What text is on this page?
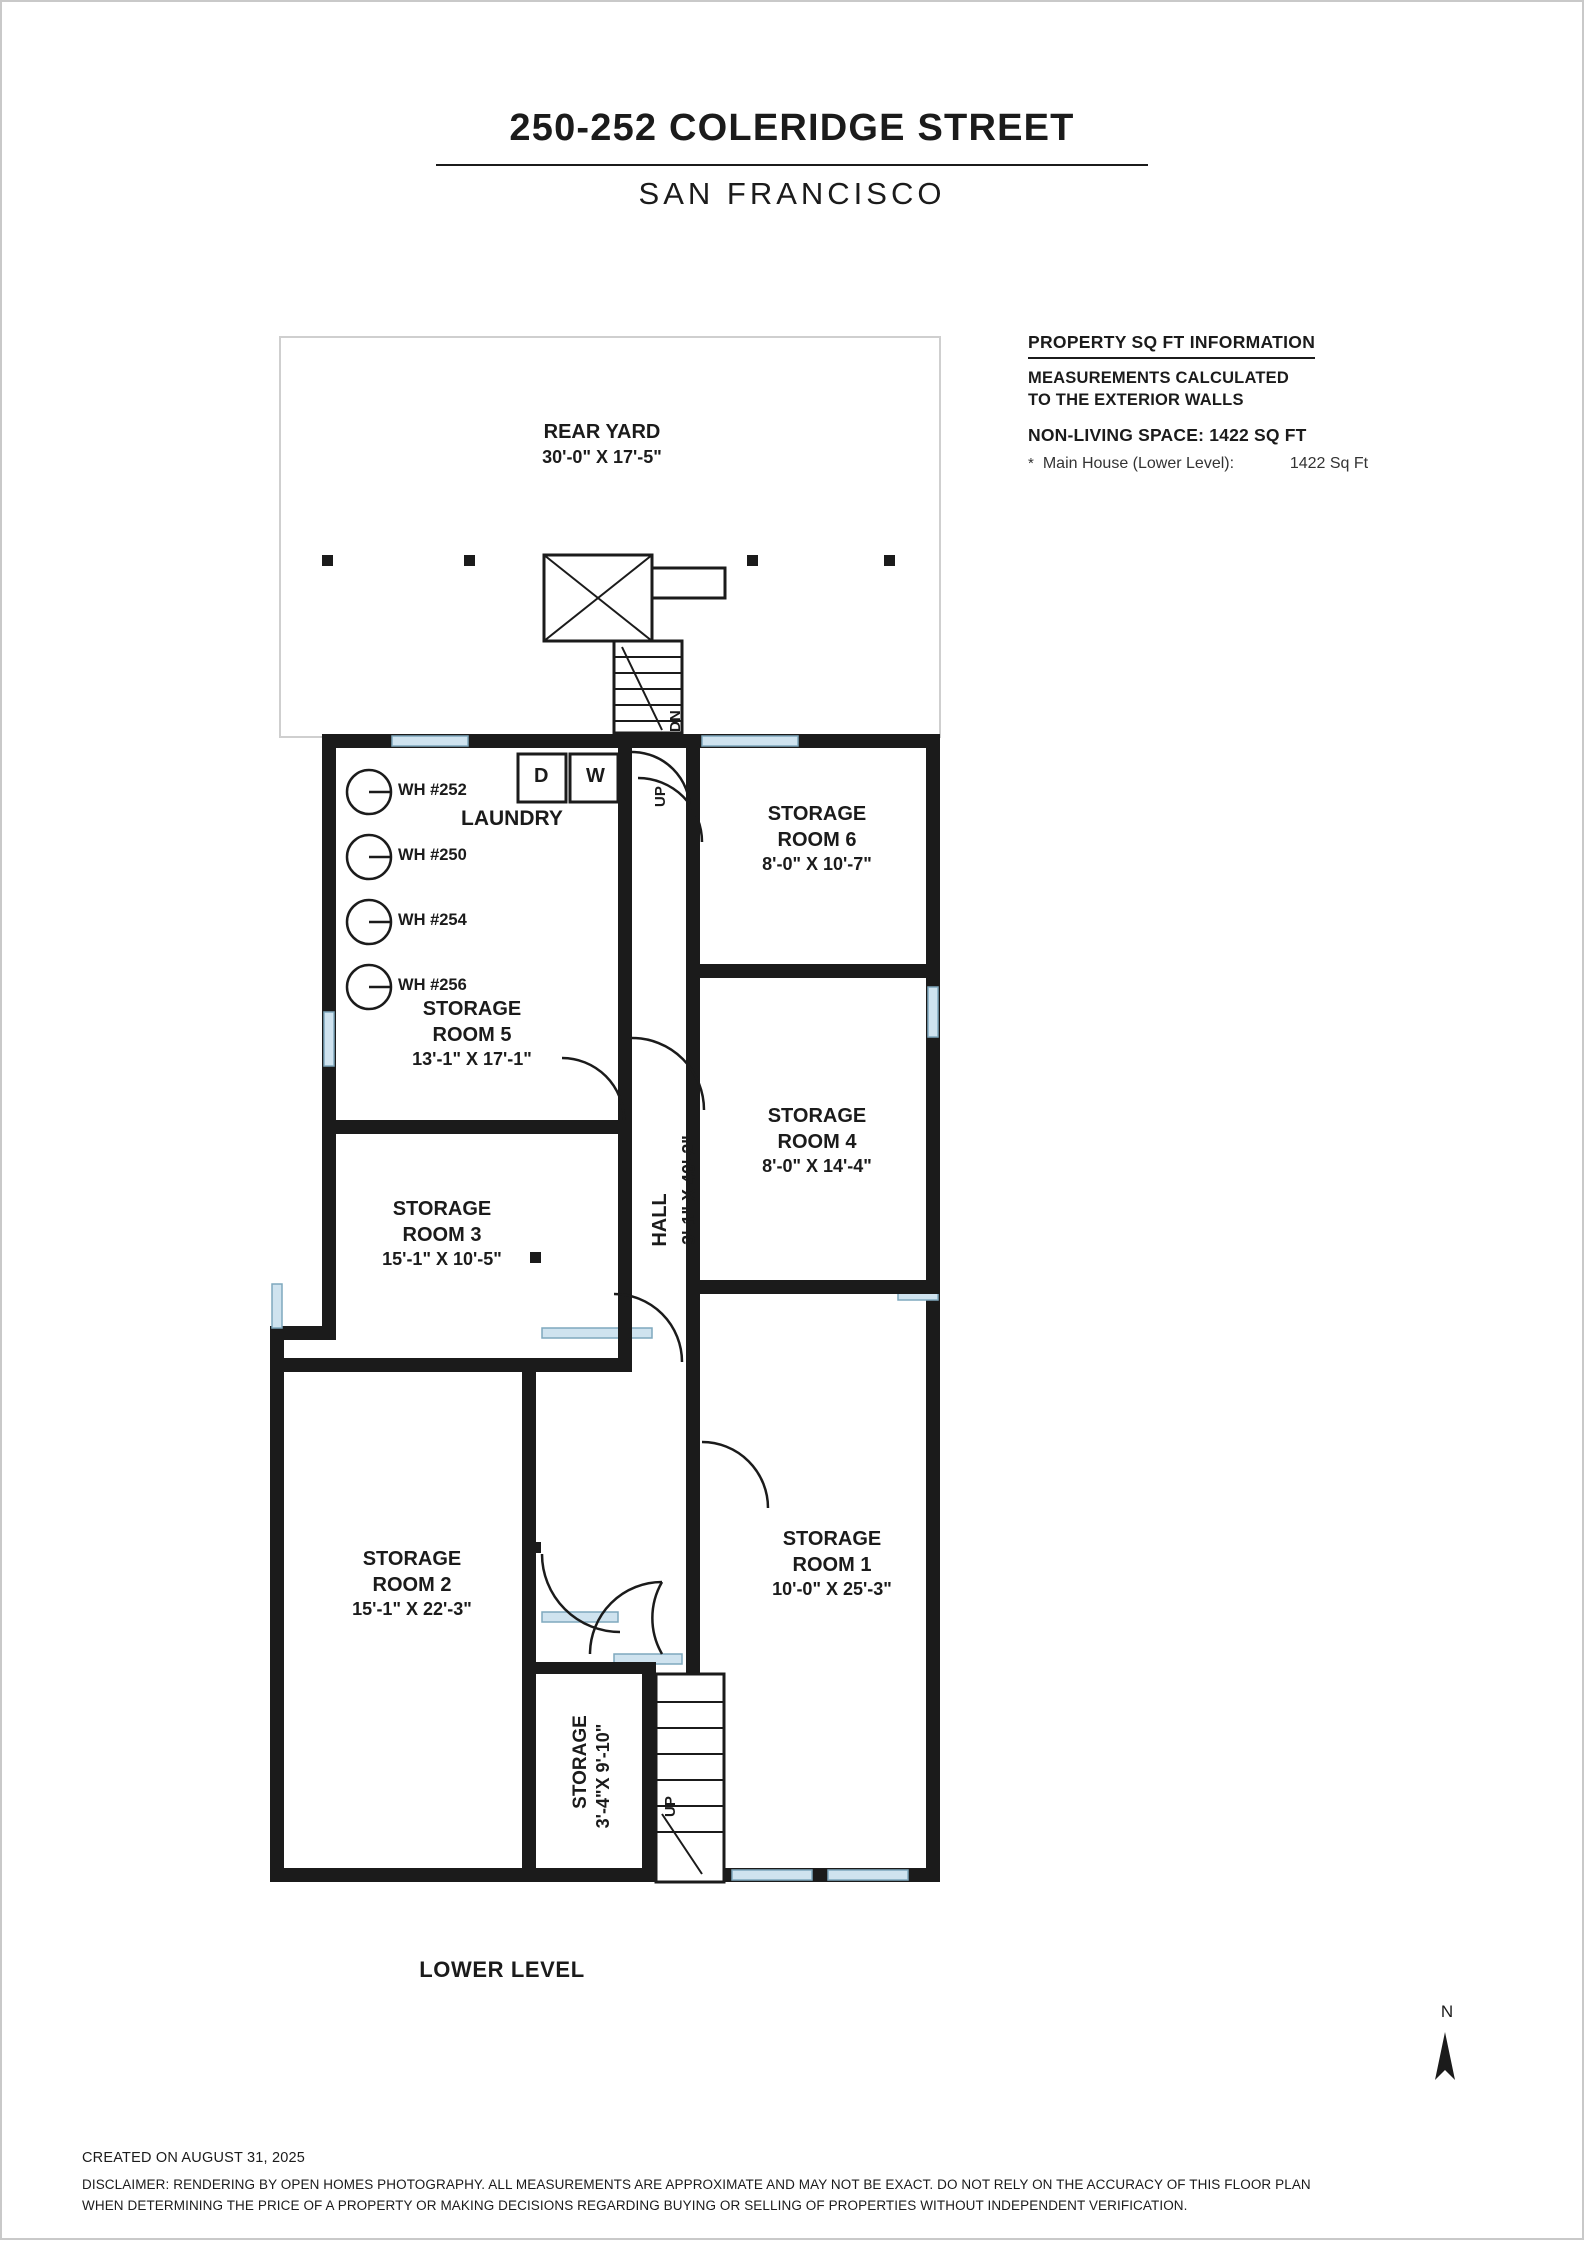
250-252 COLERIDGE STREET
SAN FRANCISCO
PROPERTY SQ FT INFORMATION
MEASUREMENTS CALCULATED
TO THE EXTERIOR WALLS
NON-LIVING SPACE: 1422 SQ FT
* Main House (Lower Level):	1422 Sq Ft
REAR YARD
30'-0" X 17'-5"
STORAGE
ROOM 6
8'-0" X 10'-7"
STORAGE
ROOM 5
13'-1" X 17'-1"
STORAGE
ROOM 4
8'-0" X 14'-4"
STORAGE
ROOM 3
15'-1" X 10'-5"
STORAGE
ROOM 2
15'-1" X 22'-3"
STORAGE
ROOM 1
10'-0" X 25'-3"
STORAGE 3'-4"X 9'-10"
HALL 3'-1" X 40'-2"
LAUNDRY
D W
WH #252
WH #250
WH #254
WH #256
DN
UP
UP
LOWER LEVEL
N
CREATED ON AUGUST 31, 2025
DISCLAIMER: RENDERING BY OPEN HOMES PHOTOGRAPHY. ALL MEASUREMENTS ARE APPROXIMATE AND MAY NOT BE EXACT. DO NOT RELY ON THE ACCURACY OF THIS FLOOR PLAN
WHEN DETERMINING THE PRICE OF A PROPERTY OR MAKING DECISIONS REGARDING BUYING OR SELLING OF PROPERTIES WITHOUT INDEPENDENT VERIFICATION.
